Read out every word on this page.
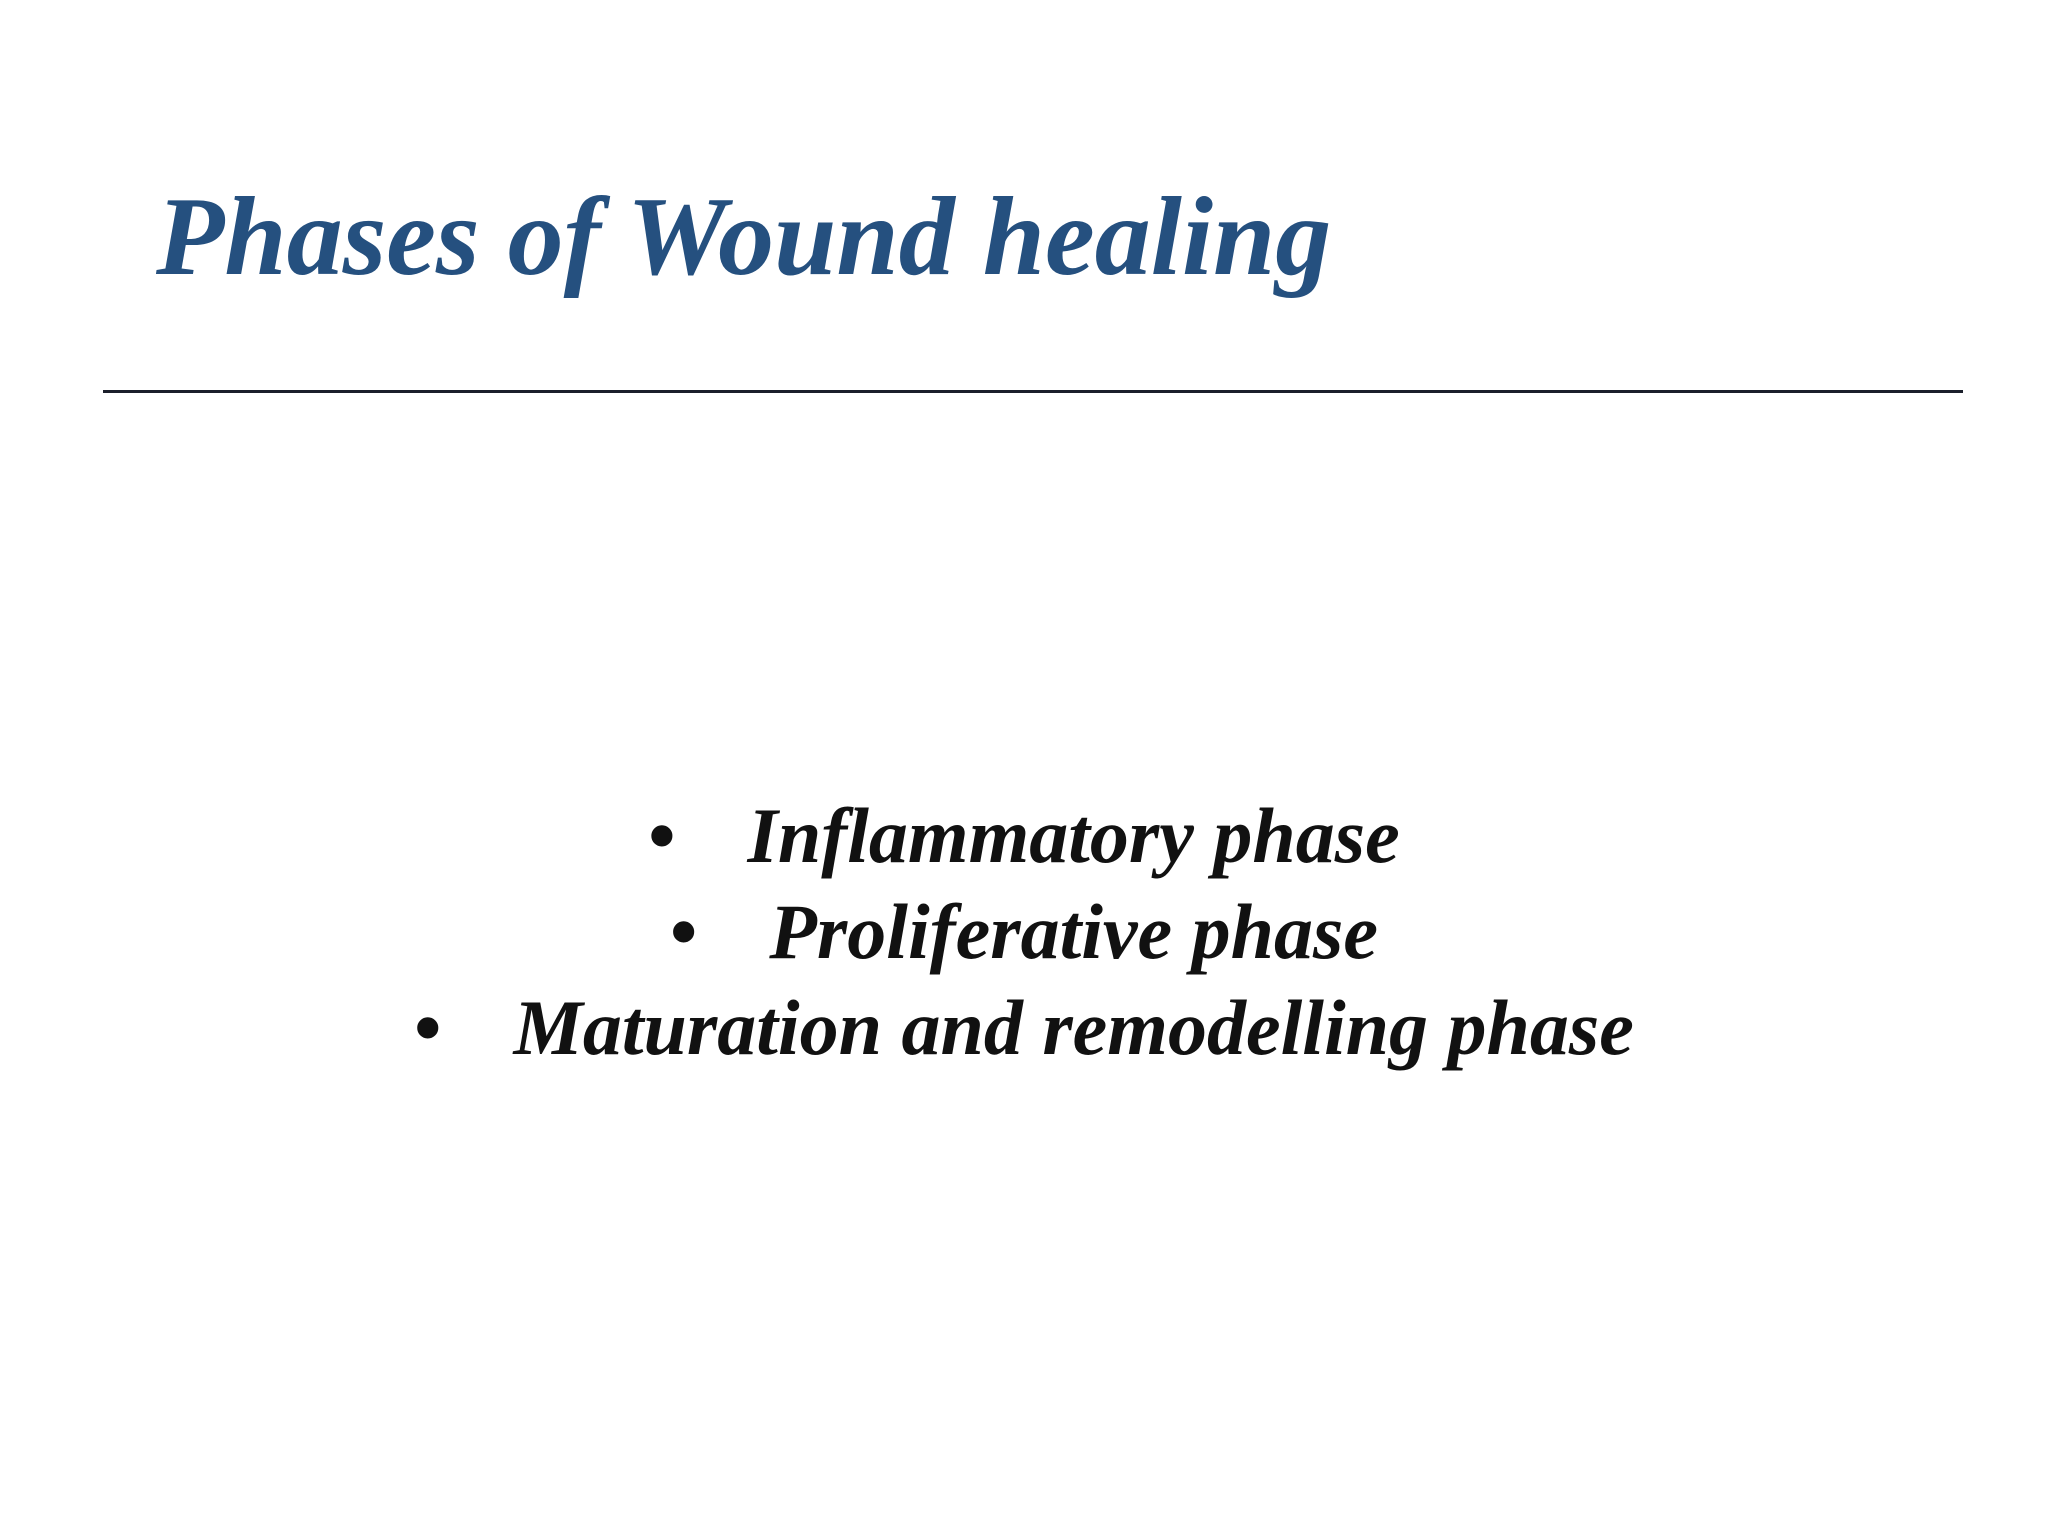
Phases of Wound healing
• Inflammatory phase
• Proliferative phase
• Maturation and remodelling phase
